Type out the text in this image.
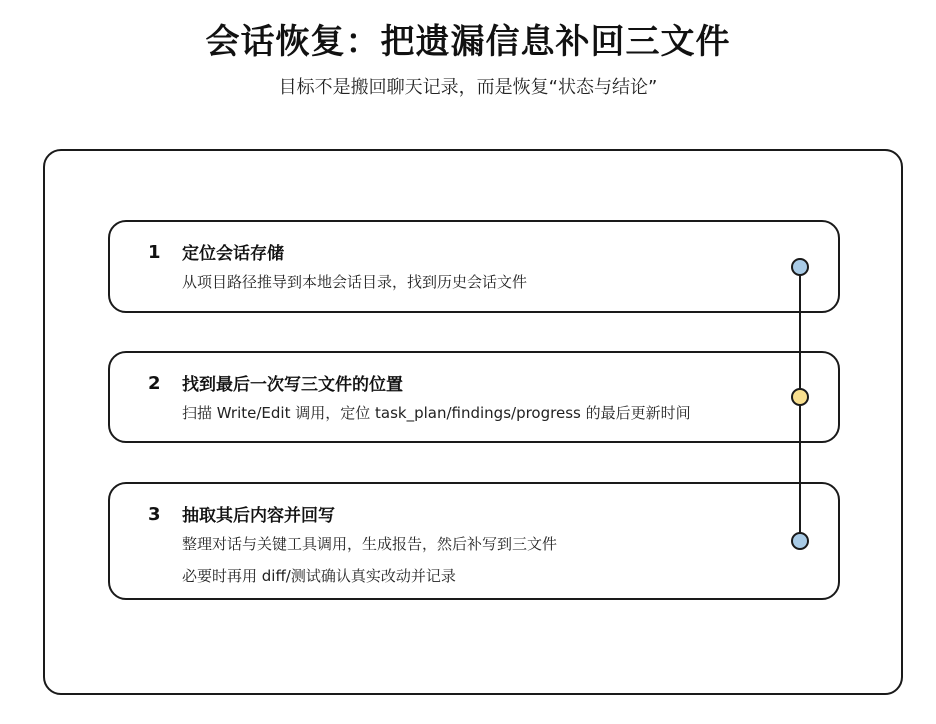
会话恢复：把遗漏信息补回三文件
目标不是搬回聊天记录，而是恢复“状态与结论”
1 定位会话存储
从项目路径推导到本地会话目录，找到历史会话文件
2 找到最后一次写三文件的位置
扫描 Write/Edit 调用，定位 task_plan/findings/progress 的最后更新时间
3 抽取其后内容并回写
整理对话与关键工具调用，生成报告，然后补写到三文件
必要时再用 diff/测试确认真实改动并记录
